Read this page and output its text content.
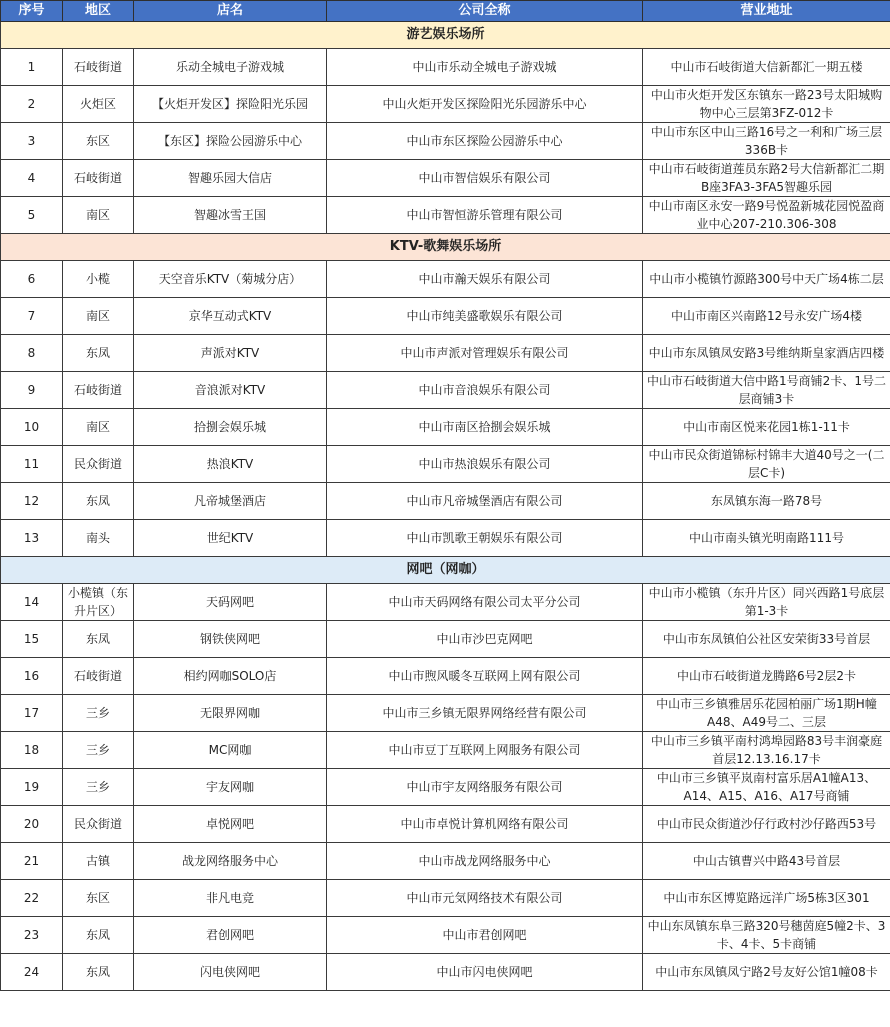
序号	地区	店名	公司全称	营业地址
游艺娱乐场所				
1	石岐街道	乐动全城电子游戏城	中山市乐动全城电子游戏城	中山市石岐街道大信新都汇一期五楼
2	火炬区	【火炬开发区】探险阳光乐园	中山火炬开发区探险阳光乐园游乐中心	中山市火炬开发区东镇东一路23号太阳城购物中心三层第3FZ-012卡
3	东区	【东区】探险公园游乐中心	中山市东区探险公园游乐中心	中山市东区中山三路16号之一利和广场三层336B卡
4	石岐街道	智趣乐园大信店	中山市智信娱乐有限公司	中山市石岐街道莲员东路2号大信新都汇二期B座3FA3-3FA5智趣乐园
5	南区	智趣冰雪王国	中山市智恒游乐管理有限公司	中山市南区永安一路9号悦盈新城花园悦盈商业中心207-210.306-308
KTV-歌舞娱乐场所				
6	小榄	天空音乐KTV（菊城分店）	中山市瀚天娱乐有限公司	中山市小榄镇竹源路300号中天广场4栋二层
7	南区	京华互动式KTV	中山市纯美盛歌娱乐有限公司	中山市南区兴南路12号永安广场4楼
8	东凤	声派对KTV	中山市声派对管理娱乐有限公司	中山市东凤镇凤安路3号维纳斯皇家酒店四楼
9	石岐街道	音浪派对KTV	中山市音浪娱乐有限公司	中山市石岐街道大信中路1号商铺2卡、1号二层商铺3卡
10	南区	拾捌会娱乐城	中山市南区拾捌会娱乐城	中山市南区悦来花园1栋1-11卡
11	民众街道	热浪KTV	中山市热浪娱乐有限公司	中山市民众街道锦标村锦丰大道40号之一(二层C卡)
12	东凤	凡帝城堡酒店	中山市凡帝城堡酒店有限公司	东凤镇东海一路78号
13	南头	世纪KTV	中山市凯歌王朝娱乐有限公司	中山市南头镇光明南路111号
网吧（网咖）				
14	小榄镇（东升片区）	天码网吧	中山市天码网络有限公司太平分公司	中山市小榄镇（东升片区）同兴西路1号底层第1-3卡
15	东凤	钢铁侠网吧	中山市沙巴克网吧	中山市东凤镇伯公社区安荣街33号首层
16	石岐街道	相约网咖SOLO店	中山市煦风暖冬互联网上网有限公司	中山市石岐街道龙腾路6号2层2卡
17	三乡	无限界网咖	中山市三乡镇无限界网络经营有限公司	中山市三乡镇雅居乐花园柏丽广场1期H幢A48、A49号二、三层
18	三乡	MC网咖	中山市豆丁互联网上网服务有限公司	中山市三乡镇平南村鸿埠园路83号丰润豪庭首层12.13.16.17卡
19	三乡	宇友网咖	中山市宇友网络服务有限公司	中山市三乡镇平岚南村富乐居A1幢A13、A14、A15、A16、A17号商铺
20	民众街道	卓悦网吧	中山市卓悦计算机网络有限公司	中山市民众街道沙仔行政村沙仔路西53号
21	古镇	战龙网络服务中心	中山市战龙网络服务中心	中山古镇曹兴中路43号首层
22	东区	非凡电竞	中山市元気网络技术有限公司	中山市东区博览路远洋广场5栋3区301
23	东凤	君创网吧	中山市君创网吧	中山东凤镇东阜三路320号穗茵庭5幢2卡、3卡、4卡、5卡商铺
24	东凤	闪电侠网吧	中山市闪电侠网吧	中山市东凤镇凤宁路2号友好公馆1幢08卡
